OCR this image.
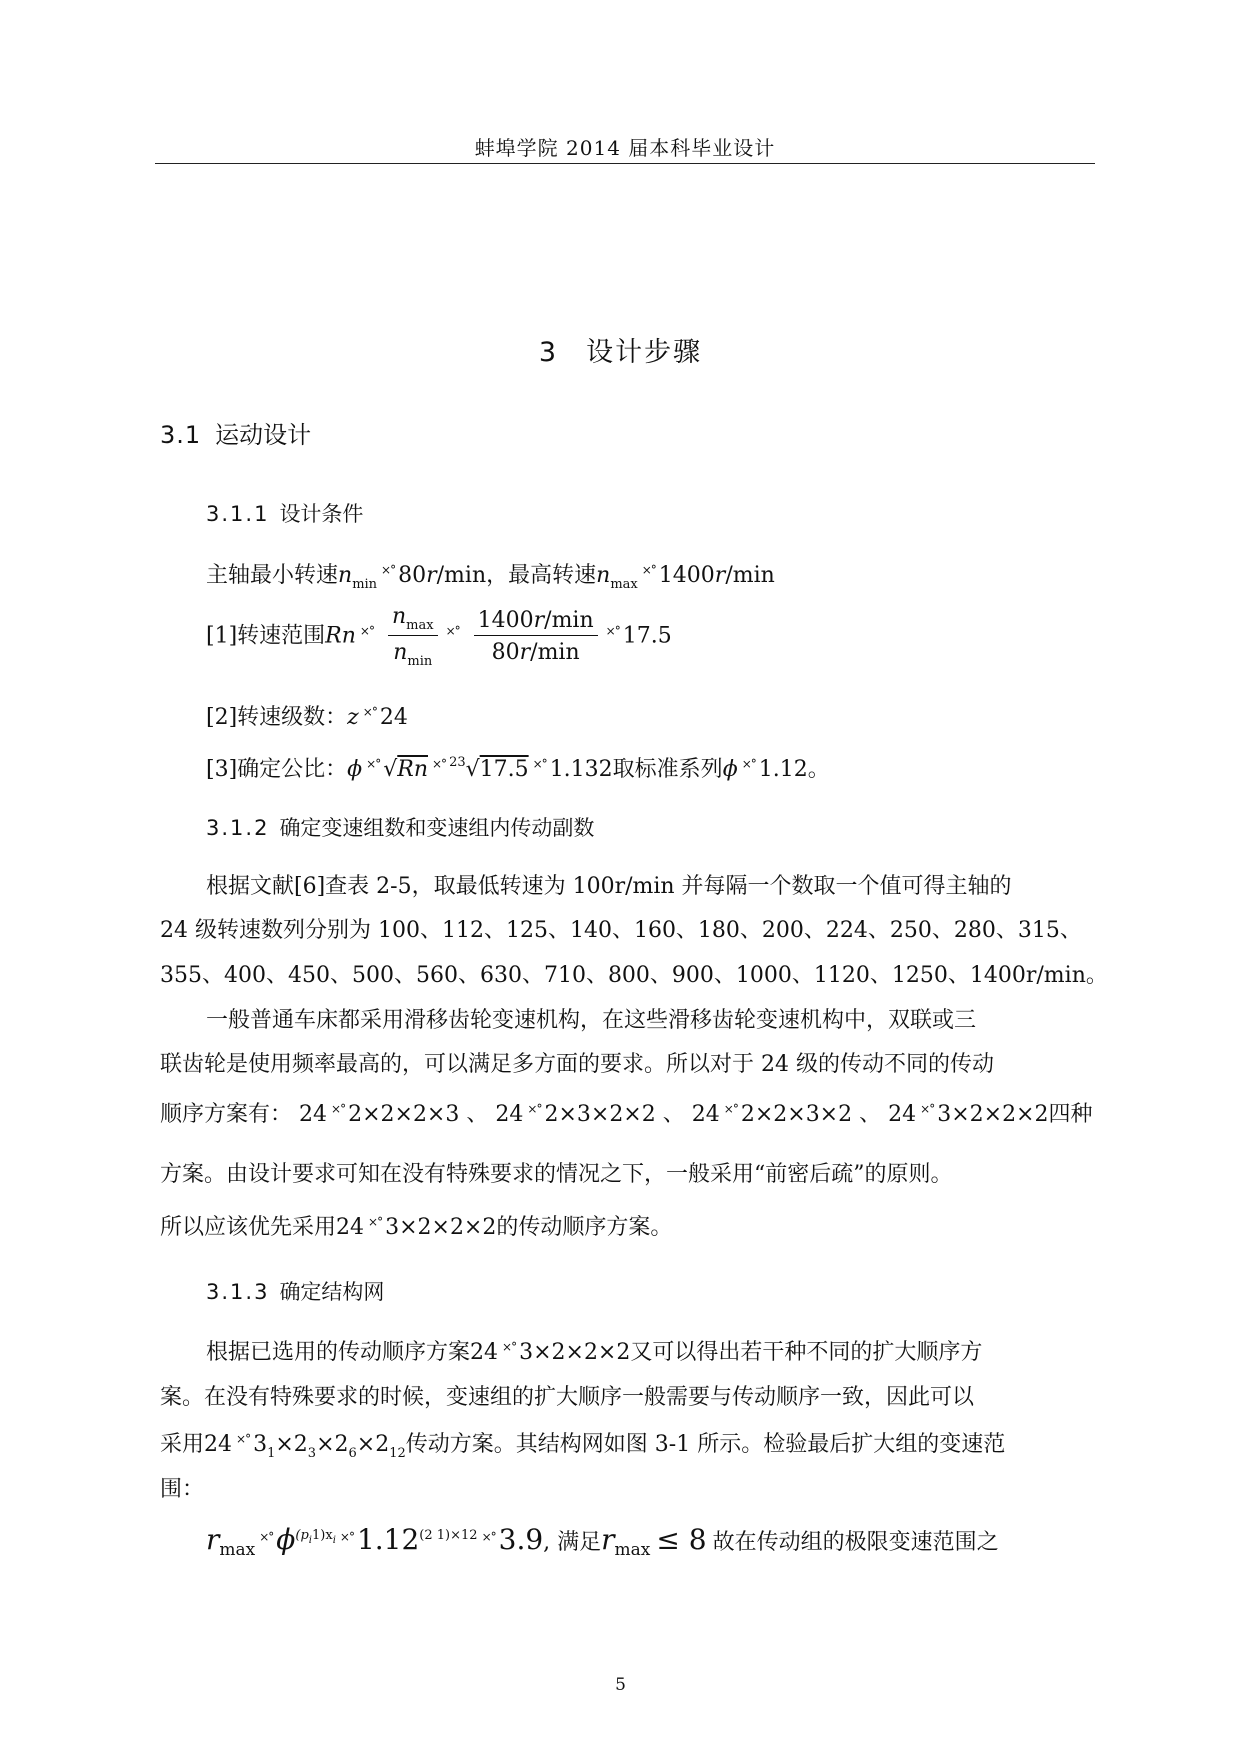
蚌埠学院 2014 届本科毕业设计
3 设计步骤
3.1 运动设计
3.1.1 设计条件
主轴最小转速$n_{min}^{\times^\circ}$ 80r/min，最高转速$n_{max}^{\times^\circ}$ 1400r/min
[1]转速范围Rn $^{\times^\circ} \frac{n_{max}}{n_{min}} ^{\times^\circ} \frac{1400r/\min}{80r/\min} ^{\times^\circ}$ 17.5
[2]转速级数：z ×° 24
[3]确定公比：ϕ ×° √Rn ×° $^{23}$√17.5 ×° 1.132取标准系列ϕ ×° 1.12。
3.1.2 确定变速组数和变速组内传动副数
根据文献[6]查表 2-5，取最低转速为 100r/min 并每隔一个数取一个值可得主轴的
24 级转速数列分别为 100、112、125、140、160、180、200、224、250、280、315、
355、400、450、500、560、630、710、800、900、1000、1120、1250、1400r/min。
一般普通车床都采用滑移齿轮变速机构，在这些滑移齿轮变速机构中，双联或三
联齿轮是使用频率最高的，可以满足多方面的要求。所以对于 24 级的传动不同的传动
顺序方案有： 24 ×° 2×2×2×3 、 24 ×° 2×3×2×2 、 24 ×° 2×2×3×2 、 24 ×° 3×2×2×2四种
方案。由设计要求可知在没有特殊要求的情况之下，一般采用“前密后疏”的原则。
所以应该优先采用24 ×° 3×2×2×2的传动顺序方案。
3.1.3 确定结构网
根据已选用的传动顺序方案24 ×° 3×2×2×2又可以得出若干种不同的扩大顺序方
案。在没有特殊要求的时候，变速组的扩大顺序一般需要与传动顺序一致，因此可以
采用24 ×° $3_1\times 2_3\times 2_6\times 2_{12}$传动方案。其结构网如图 3-1 所示。检验最后扩大组的变速范
围：
$r_{max}^{\times^\circ}$ $\phi^{(pi1)xi}$ ×° $1.12^{(2 1)\times 12}$ ×° 3.9, 满足$r_{max} \le 8$ 故在传动组的极限变速范围之
5
